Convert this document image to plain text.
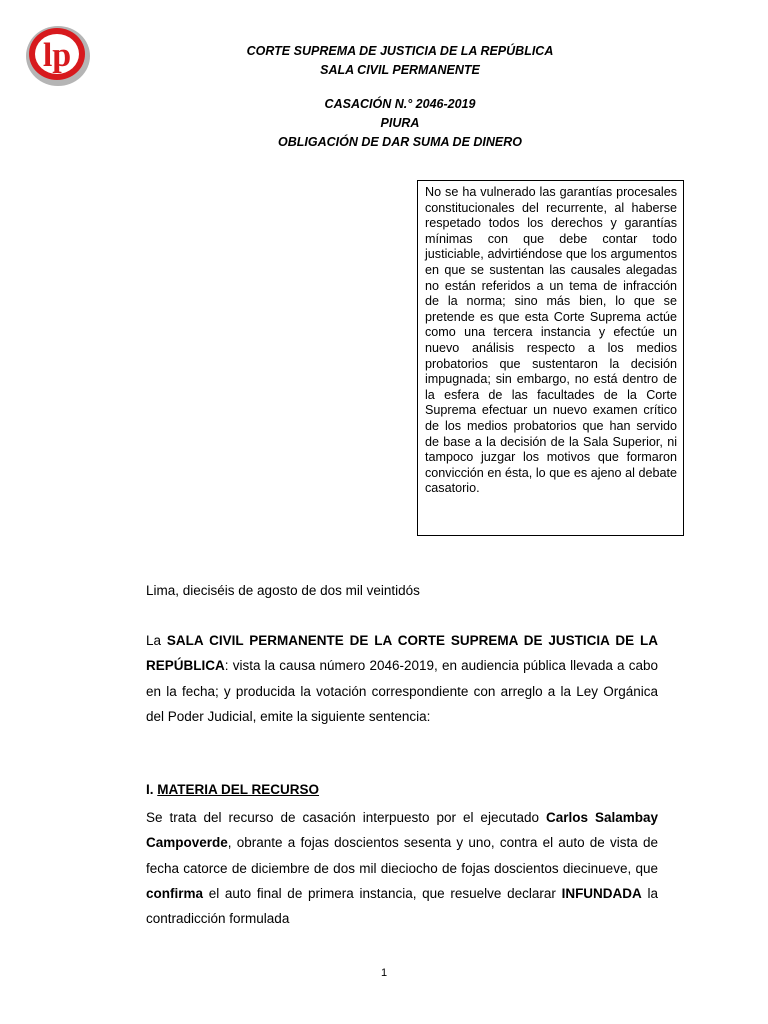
lp	CORTE SUPREMA DE JUSTICIA DE LA REPÚBLICA
SALA CIVIL PERMANENTE
CASACIÓN N.° 2046-2019
PIURA
OBLIGACIÓN DE DAR SUMA DE DINERO
No se ha vulnerado las garantías procesales constitucionales del recurrente, al haberse respetado todos los derechos y garantías mínimas con que debe contar todo justiciable, advirtiéndose que los argumentos en que se sustentan las causales alegadas no están referidos a un tema de infracción de la norma; sino más bien, lo que se pretende es que esta Corte Suprema actúe como una tercera instancia y efectúe un nuevo análisis respecto a los medios probatorios que sustentaron la decisión impugnada; sin embargo, no está dentro de la esfera de las facultades de la Corte Suprema efectuar un nuevo examen crítico de los medios probatorios que han servido de base a la decisión de la Sala Superior, ni tampoco juzgar los motivos que formaron convicción en ésta, lo que es ajeno al debate casatorio.
Lima, dieciséis de agosto de dos mil veintidós
La SALA CIVIL PERMANENTE DE LA CORTE SUPREMA DE JUSTICIA DE LA REPÚBLICA: vista la causa número 2046-2019, en audiencia pública llevada a cabo en la fecha; y producida la votación correspondiente con arreglo a la Ley Orgánica del Poder Judicial, emite la siguiente sentencia:
I. MATERIA DEL RECURSO
Se trata del recurso de casación interpuesto por el ejecutado Carlos Salambay Campoverde, obrante a fojas doscientos sesenta y uno, contra el auto de vista de fecha catorce de diciembre de dos mil dieciocho de fojas doscientos diecinueve, que confirma el auto final de primera instancia, que resuelve declarar INFUNDADA la contradicción formulada
1
